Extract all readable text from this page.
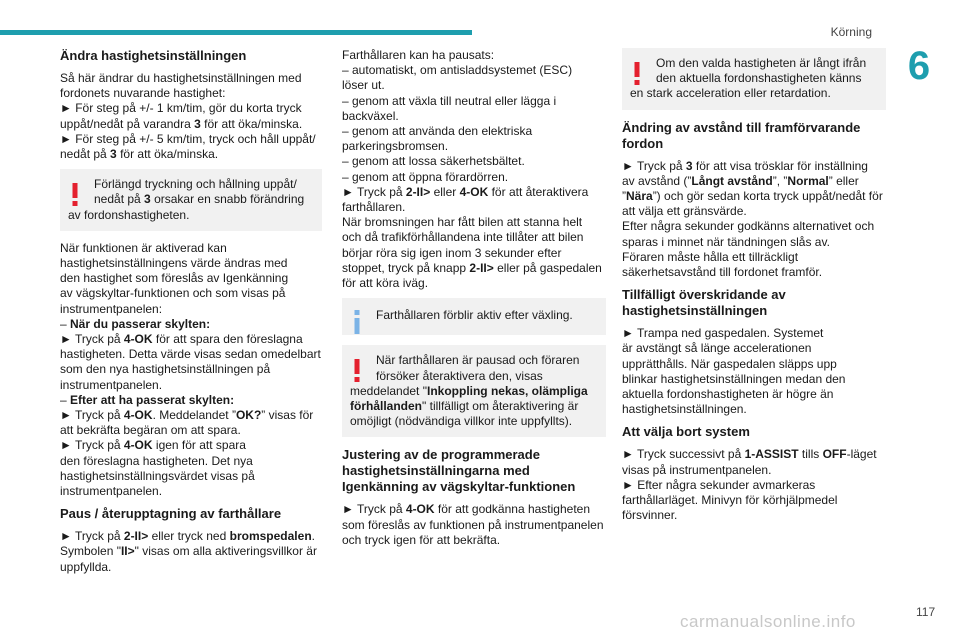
Körning
6
Ändra hastighetsinställningen

Så här ändrar du hastighetsinställningen med
fordonets nuvarande hastighet:
► För steg på +/- 1 km/tim, gör du korta tryck
uppåt/nedåt på varandra 3 för att öka/minska.
► För steg på +/- 5 km/tim, tryck och håll uppåt/
nedåt på 3 för att öka/minska.

Förlängd tryckning och hållning uppåt/
nedåt på 3 orsakar en snabb förändring
av fordonshastigheten.

När funktionen är aktiverad kan
hastighetsinställningens värde ändras med
den hastighet som föreslås av Igenkänning
av vägskyltar-funktionen och som visas på
instrumentpanelen:
– När du passerar skylten:
► Tryck på 4-OK för att spara den föreslagna
hastigheten. Detta värde visas sedan omedelbart
som den nya hastighetsinställningen på
instrumentpanelen.
– Efter att ha passerat skylten:
► Tryck på 4-OK. Meddelandet ”OK?” visas för
att bekräfta begäran om att spara.
► Tryck på 4-OK igen för att spara
den föreslagna hastigheten. Det nya
hastighetsinställningsvärdet visas på
instrumentpanelen.

Paus / återupptagning av farthållare

► Tryck på 2-II> eller tryck ned bromspedalen.
Symbolen "II>" visas om alla aktiveringsvillkor är
uppfyllda.

Farthållaren kan ha pausats:
– automatiskt, om antisladdsystemet (ESC)
löser ut.
– genom att växla till neutral eller lägga i
backväxel.
– genom att använda den elektriska
parkeringsbromsen.
– genom att lossa säkerhetsbältet.
– genom att öppna förardörren.
► Tryck på 2-II> eller 4-OK för att återaktivera
farthållaren.
När bromsningen har fått bilen att stanna helt
och då trafikförhållandena inte tillåter att bilen
börjar röra sig igen inom 3 sekunder efter
stoppet, tryck på knapp 2-II> eller på gaspedalen
för att köra iväg.

Farthållaren förblir aktiv efter växling.
När farthållaren är pausad och föraren
försöker återaktivera den, visas
meddelandet "Inkoppling nekas, olämpliga
förhållanden" tillfälligt om återaktivering är
omöjligt (nödvändiga villkor inte uppfyllts).
Justering av de programmerade hastighetsinställningarna med Igenkänning av vägskyltar-funktionen

► Tryck på 4-OK för att godkänna hastigheten
som föreslås av funktionen på instrumentpanelen
och tryck igen för att bekräfta.

Om den valda hastigheten är långt ifrån
den aktuella fordonshastigheten känns
en stark acceleration eller retardation.
Ändring av avstånd till framförvarande fordon

► Tryck på 3 för att visa trösklar för inställning
av avstånd (”Långt avstånd”, ”Normal” eller
”Nära”) och gör sedan korta tryck uppåt/nedåt för
att välja ett gränsvärde.
Efter några sekunder godkänns alternativet och
sparas i minnet när tändningen slås av.
Föraren måste hålla ett tillräckligt
säkerhetsavstånd till fordonet framför.

Tillfälligt överskridande av hastighetsinställningen

► Trampa ned gaspedalen. Systemet
är avstängt så länge accelerationen
upprätthålls. När gaspedalen släpps upp
blinkar hastighetsinställningen medan den
aktuella fordonshastigheten är högre än
hastighetsinställningen.

Att välja bort system

► Tryck successivt på 1-ASSIST tills OFF-läget
visas på instrumentpanelen.
► Efter några sekunder avmarkeras
farthållarläget. Minivyn för körhjälpmedel
försvinner.

carmanualsonline.info	117
